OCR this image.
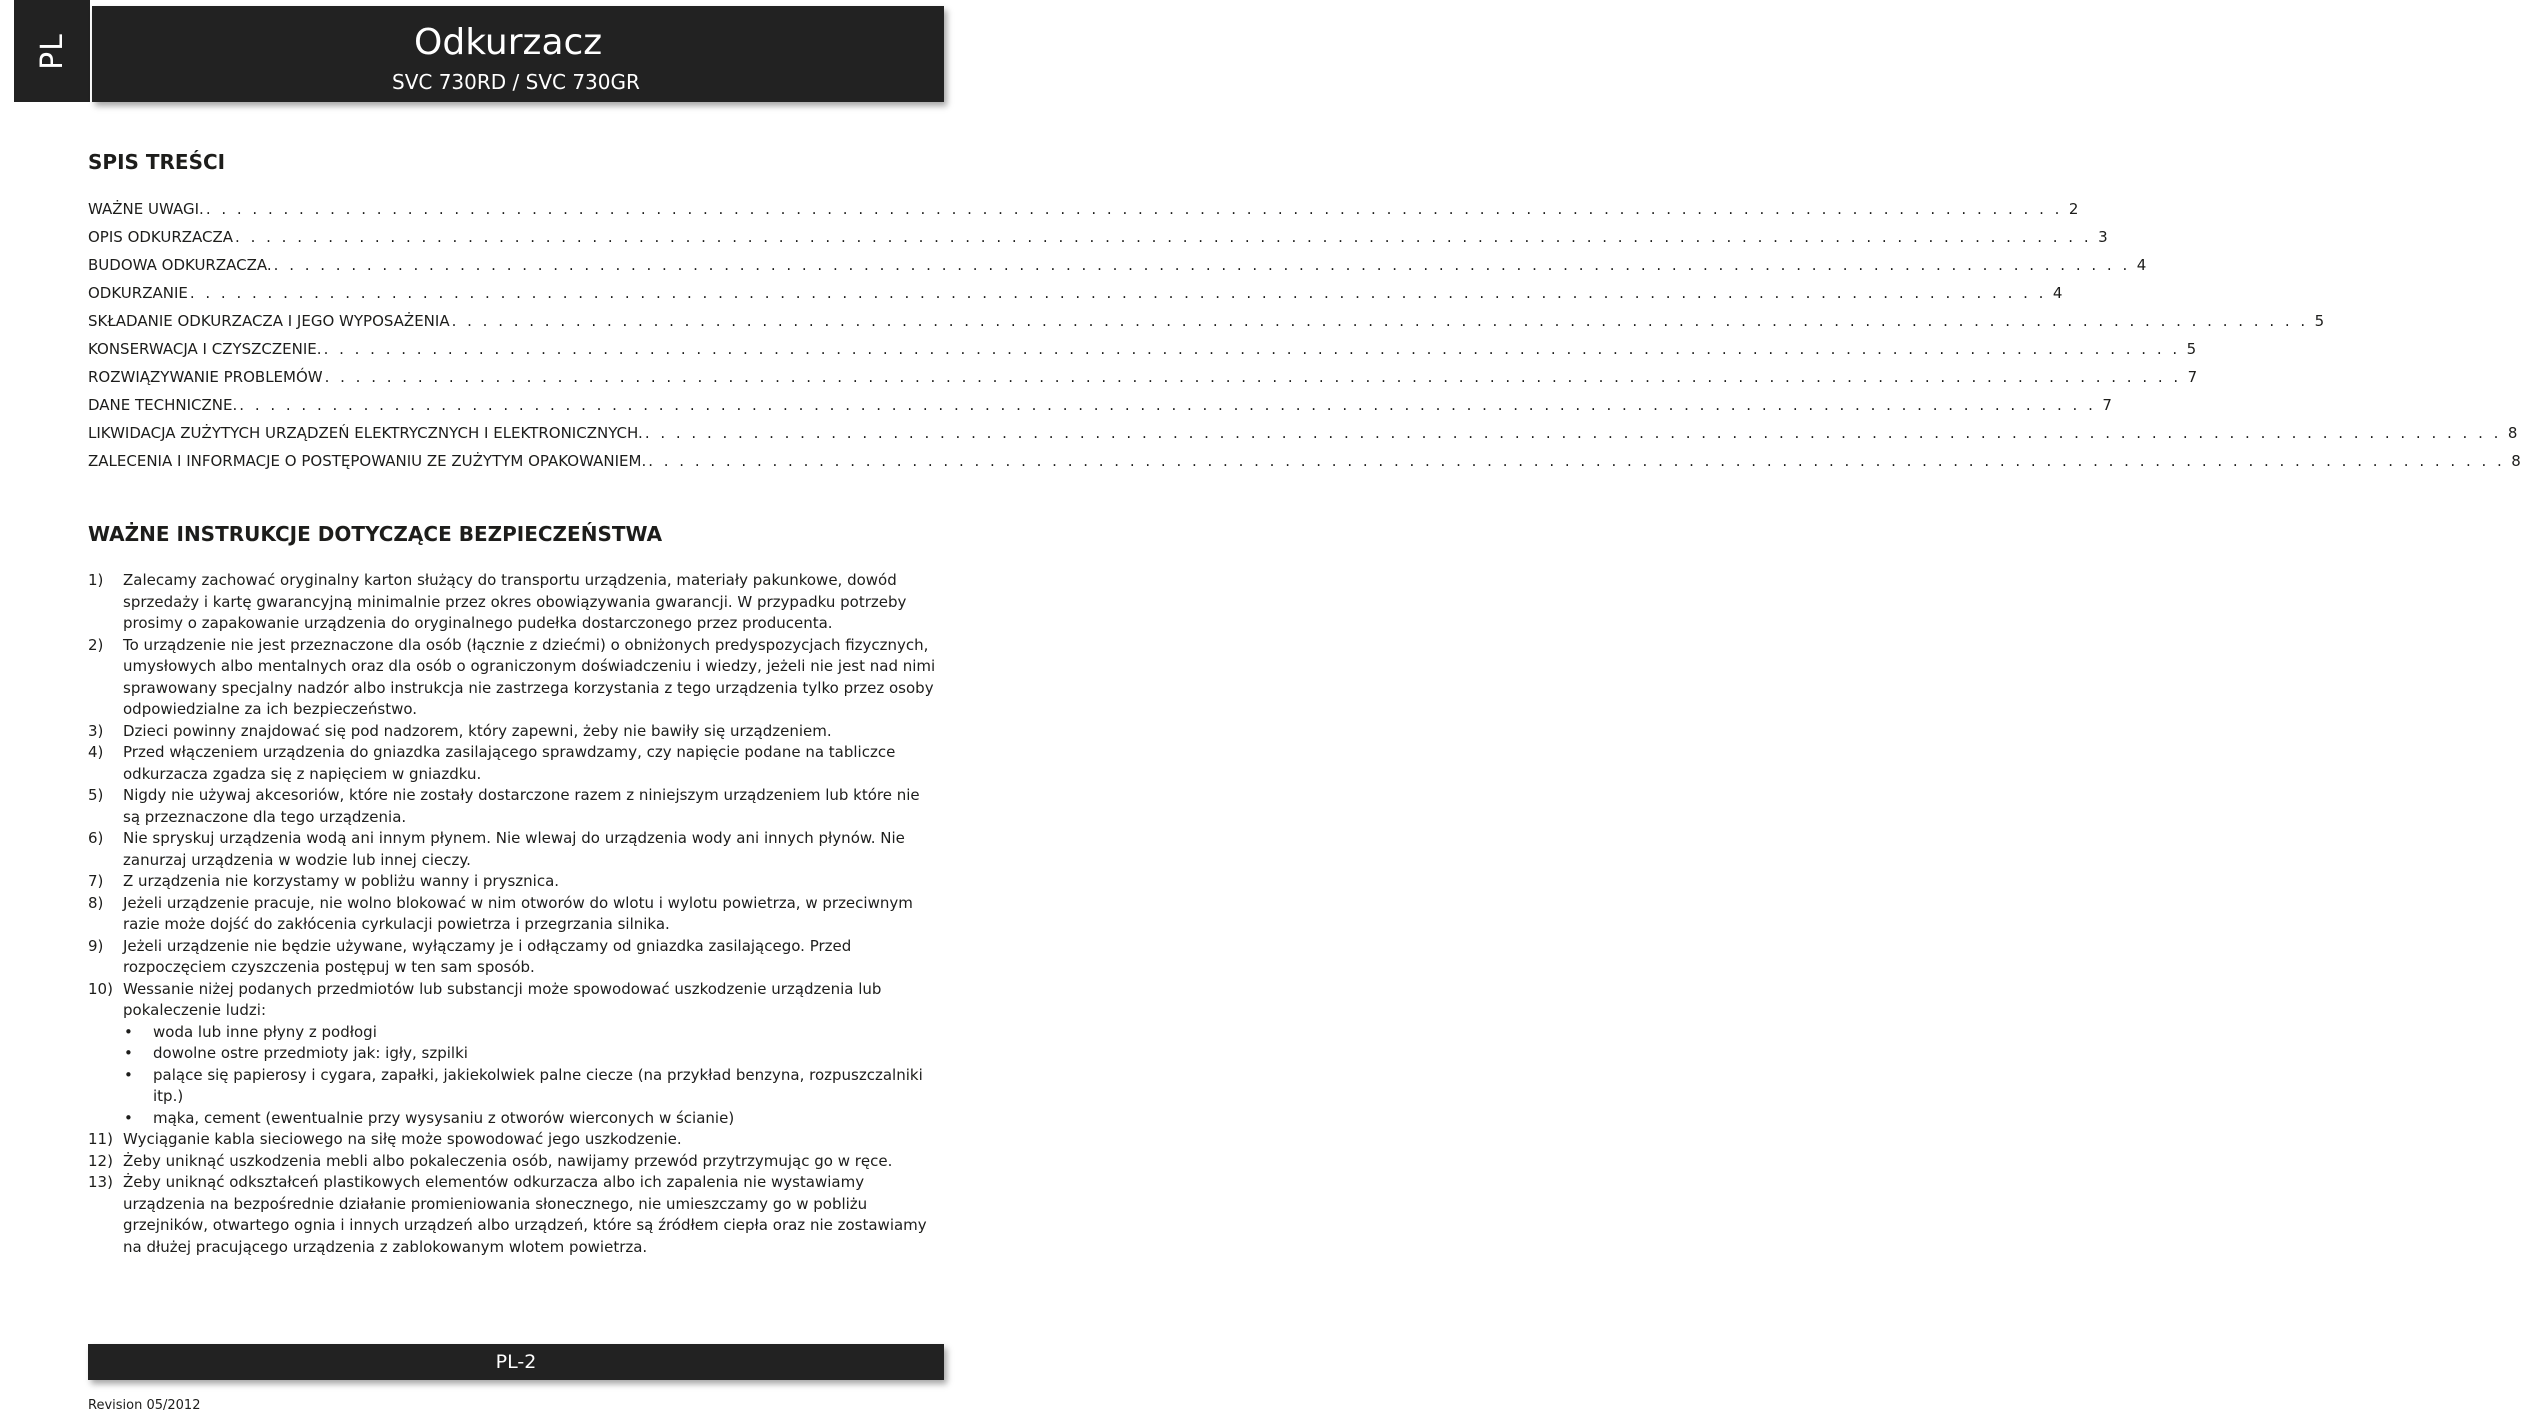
PL	Odkurzacz
SVC 730RD / SVC 730GR
SPIS TREŚCI
WAŻNE UWAGI. . . . . . . . . . . . . . . . . . . . . . . . . . . . . . . . . . . . . . . . . . . . . . . . . . . . . . . . . . . . . . . . . . . . . . . . . . . . . . . . . . . . . . . . . . . . . . . . . . . . . . . . . . . . . . . . . . . . . . . . . 2
OPIS ODKURZACZA . . . . . . . . . . . . . . . . . . . . . . . . . . . . . . . . . . . . . . . . . . . . . . . . . . . . . . . . . . . . . . . . . . . . . . . . . . . . . . . . . . . . . . . . . . . . . . . . . . . . . . . . . . . . . . . . . . . . . . . . 3
BUDOWA ODKURZACZA. . . . . . . . . . . . . . . . . . . . . . . . . . . . . . . . . . . . . . . . . . . . . . . . . . . . . . . . . . . . . . . . . . . . . . . . . . . . . . . . . . . . . . . . . . . . . . . . . . . . . . . . . . . . . . . . . . . . . . . . . 4
ODKURZANIE . . . . . . . . . . . . . . . . . . . . . . . . . . . . . . . . . . . . . . . . . . . . . . . . . . . . . . . . . . . . . . . . . . . . . . . . . . . . . . . . . . . . . . . . . . . . . . . . . . . . . . . . . . . . . . . . . . . . . . . . 4
SKŁADANIE ODKURZACZA I JEGO WYPOSAŻENIA . . . . . . . . . . . . . . . . . . . . . . . . . . . . . . . . . . . . . . . . . . . . . . . . . . . . . . . . . . . . . . . . . . . . . . . . . . . . . . . . . . . . . . . . . . . . . . . . . . . . . . . . . . . . . . . . . . . . . . . . 5
KONSERWACJA I CZYSZCZENIE. . . . . . . . . . . . . . . . . . . . . . . . . . . . . . . . . . . . . . . . . . . . . . . . . . . . . . . . . . . . . . . . . . . . . . . . . . . . . . . . . . . . . . . . . . . . . . . . . . . . . . . . . . . . . . . . . . . . . . . . . 5
ROZWIĄZYWANIE PROBLEMÓW . . . . . . . . . . . . . . . . . . . . . . . . . . . . . . . . . . . . . . . . . . . . . . . . . . . . . . . . . . . . . . . . . . . . . . . . . . . . . . . . . . . . . . . . . . . . . . . . . . . . . . . . . . . . . . . . . . . . . . . . 7
DANE TECHNICZNE. . . . . . . . . . . . . . . . . . . . . . . . . . . . . . . . . . . . . . . . . . . . . . . . . . . . . . . . . . . . . . . . . . . . . . . . . . . . . . . . . . . . . . . . . . . . . . . . . . . . . . . . . . . . . . . . . . . . . . . . . 7
LIKWIDACJA ZUŻYTYCH URZĄDZEŃ ELEKTRYCZNYCH I ELEKTRONICZNYCH. . . . . . . . . . . . . . . . . . . . . . . . . . . . . . . . . . . . . . . . . . . . . . . . . . . . . . . . . . . . . . . . . . . . . . . . . . . . . . . . . . . . . . . . . . . . . . . . . . . . . . . . . . . . . . . . . . . . . . . . . 8
ZALECENIA I INFORMACJE O POSTĘPOWANIU ZE ZUŻYTYM OPAKOWANIEM. . . . . . . . . . . . . . . . . . . . . . . . . . . . . . . . . . . . . . . . . . . . . . . . . . . . . . . . . . . . . . . . . . . . . . . . . . . . . . . . . . . . . . . . . . . . . . . . . . . . . . . . . . . . . . . . . . . . . . . . . 8
WAŻNE INSTRUKCJE DOTYCZĄCE BEZPIECZEŃSTWA
1)	Zalecamy zachować oryginalny karton służący do transportu urządzenia, materiały pakunkowe, dowód sprzedaży i kartę gwarancyjną minimalnie przez okres obowiązywania gwarancji. W przypadku potrzeby prosimy o zapakowanie urządzenia do oryginalnego pudełka dostarczonego przez producenta.
2)	To urządzenie nie jest przeznaczone dla osób (łącznie z dziećmi) o obniżonych predyspozycjach fizycznych, umysłowych albo mentalnych oraz dla osób o ograniczonym doświadczeniu i wiedzy, jeżeli nie jest nad nimi sprawowany specjalny nadzór albo instrukcja nie zastrzega korzystania z tego urządzenia tylko przez osoby odpowiedzialne za ich bezpieczeństwo.
3)	Dzieci powinny znajdować się pod nadzorem, który zapewni, żeby nie bawiły się urządzeniem.
4)	Przed włączeniem urządzenia do gniazdka zasilającego sprawdzamy, czy napięcie podane na tabliczce odkurzacza zgadza się z napięciem w gniazdku.
5)	Nigdy nie używaj akcesoriów, które nie zostały dostarczone razem z niniejszym urządzeniem lub które nie są przeznaczone dla tego urządzenia.
6)	Nie spryskuj urządzenia wodą ani innym płynem. Nie wlewaj do urządzenia wody ani innych płynów. Nie zanurzaj urządzenia w wodzie lub innej cieczy.
7)	Z urządzenia nie korzystamy w pobliżu wanny i prysznica.
8)	Jeżeli urządzenie pracuje, nie wolno blokować w nim otworów do wlotu i wylotu powietrza, w przeciwnym razie może dojść do zakłócenia cyrkulacji powietrza i przegrzania silnika.
9)	Jeżeli urządzenie nie będzie używane, wyłączamy je i odłączamy od gniazdka zasilającego. Przed rozpoczęciem czyszczenia postępuj w ten sam sposób.
10) Wessanie niżej podanych przedmiotów lub substancji może spowodować uszkodzenie urządzenia lub pokaleczenie ludzi:
•	woda lub inne płyny z podłogi
•	dowolne ostre przedmioty jak: igły, szpilki
•	palące się papierosy i cygara, zapałki, jakiekolwiek palne ciecze (na przykład benzyna, rozpuszczalniki itp.)
•	mąka, cement (ewentualnie przy wysysaniu z otworów wierconych w ścianie)
11) Wyciąganie kabla sieciowego na siłę może spowodować jego uszkodzenie.
12) Żeby uniknąć uszkodzenia mebli albo pokaleczenia osób, nawijamy przewód przytrzymując go w ręce.
13) Żeby uniknąć odkształceń plastikowych elementów odkurzacza albo ich zapalenia nie wystawiamy urządzenia na bezpośrednie działanie promieniowania słonecznego, nie umieszczamy go w pobliżu grzejników, otwartego ognia i innych urządzeń albo urządzeń, które są źródłem ciepła oraz nie zostawiamy na dłużej pracującego urządzenia z zablokowanym wlotem powietrza.
PL-2
Revision 05/2012
